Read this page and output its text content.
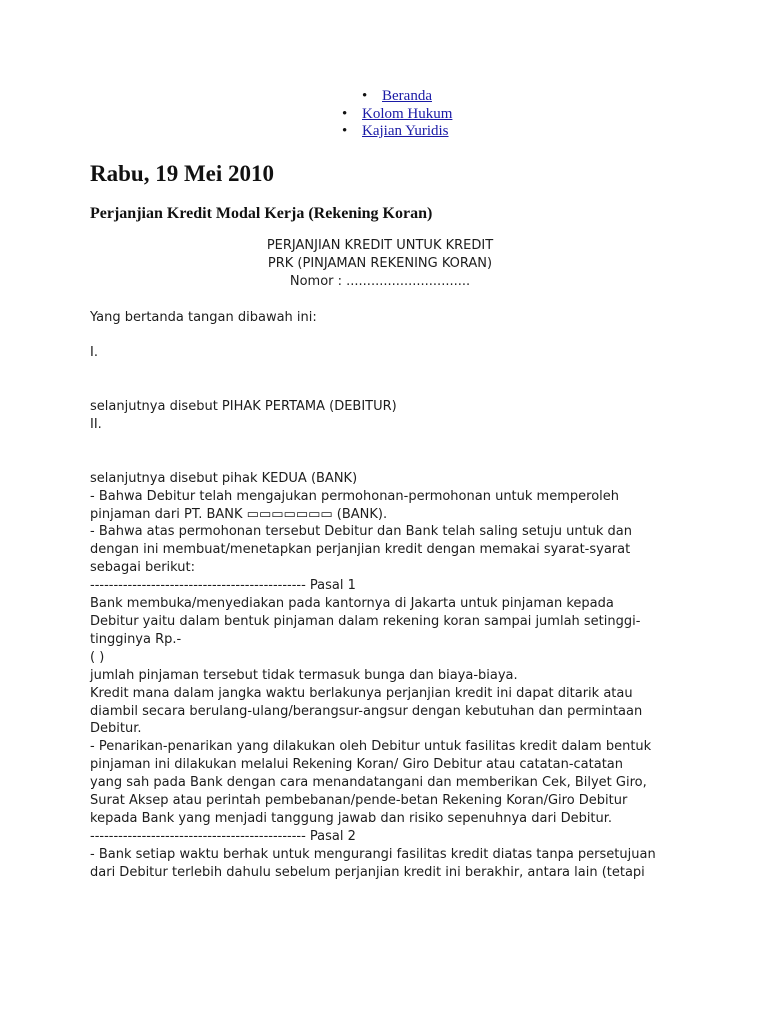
• Beranda
• Kolom Hukum
• Kajian Yuridis
Rabu, 19 Mei 2010
Perjanjian Kredit Modal Kerja (Rekening Koran)
PERJANJIAN KREDIT UNTUK KREDIT
PRK (PINJAMAN REKENING KORAN)
Nomor : ..............................
Yang bertanda tangan dibawah ini:
I.
selanjutnya disebut PIHAK PERTAMA (DEBITUR)
II.
selanjutnya disebut pihak KEDUA (BANK)
- Bahwa Debitur telah mengajukan permohonan-permohonan untuk memperoleh
pinjaman dari PT. BANK ▭▭▭▭▭▭▭ (BANK).
- Bahwa atas permohonan tersebut Debitur dan Bank telah saling setuju untuk dan
dengan ini membuat/menetapkan perjanjian kredit dengan memakai syarat-syarat
sebagai berikut:
---------------------------------------------- Pasal 1
Bank membuka/menyediakan pada kantornya di Jakarta untuk pinjaman kepada
Debitur yaitu dalam bentuk pinjaman dalam rekening koran sampai jumlah setinggi-
tingginya Rp.-
( )
jumlah pinjaman tersebut tidak termasuk bunga dan biaya-biaya.
Kredit mana dalam jangka waktu berlakunya perjanjian kredit ini dapat ditarik atau
diambil secara berulang-ulang/berangsur-angsur dengan kebutuhan dan permintaan
Debitur.
- Penarikan-penarikan yang dilakukan oleh Debitur untuk fasilitas kredit dalam bentuk
pinjaman ini dilakukan melalui Rekening Koran/ Giro Debitur atau catatan-catatan
yang sah pada Bank dengan cara menandatangani dan memberikan Cek, Bilyet Giro,
Surat Aksep atau perintah pembebanan/pende-betan Rekening Koran/Giro Debitur
kepada Bank yang menjadi tanggung jawab dan risiko sepenuhnya dari Debitur.
---------------------------------------------- Pasal 2
- Bank setiap waktu berhak untuk mengurangi fasilitas kredit diatas tanpa persetujuan
dari Debitur terlebih dahulu sebelum perjanjian kredit ini berakhir, antara lain (tetapi
